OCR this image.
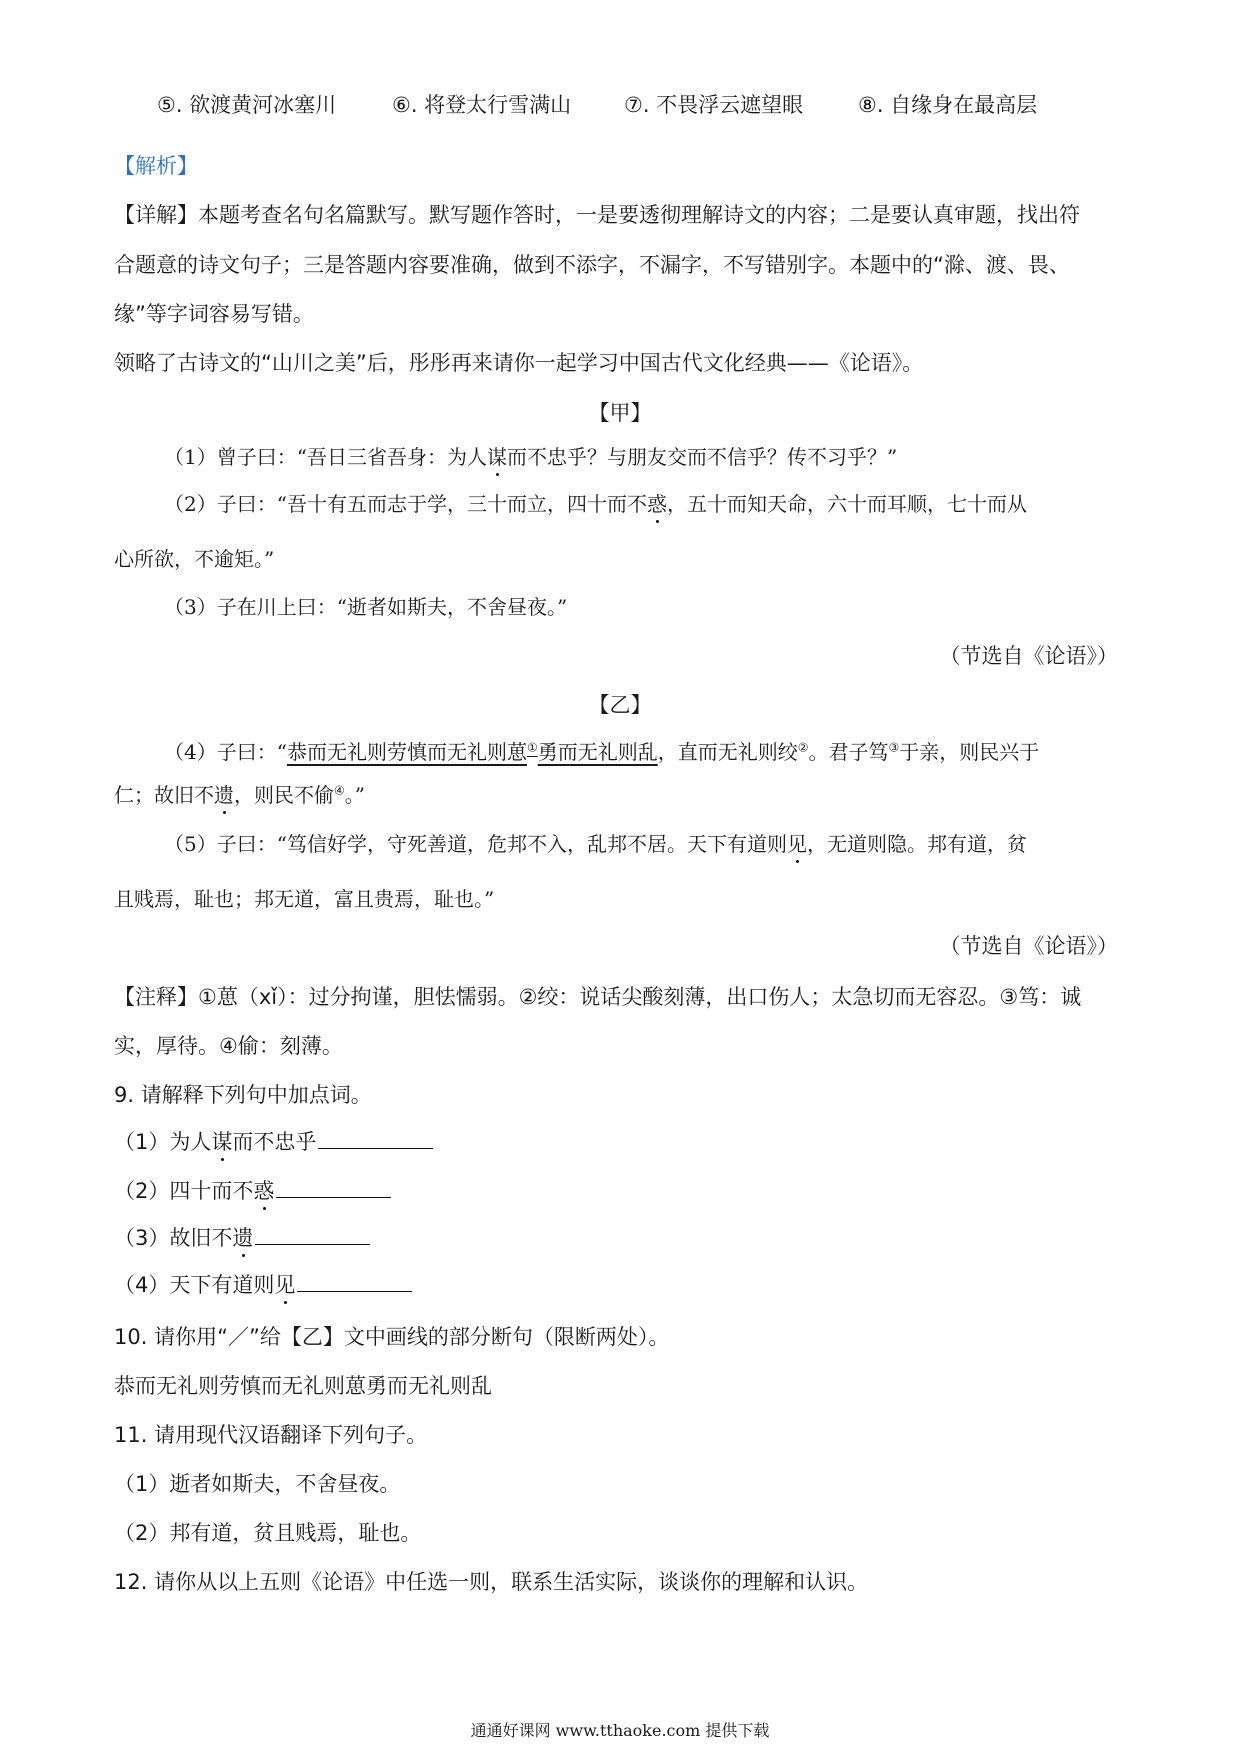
⑤. 欲渡黄河冰塞川	⑥. 将登太行雪满山	⑦. 不畏浮云遮望眼	⑧. 自缘身在最高层
【解析】
【详解】本题考查名句名篇默写。默写题作答时，一是要透彻理解诗文的内容；二是要认真审题，找出符
合题意的诗文句子；三是答题内容要准确，做到不添字，不漏字，不写错别字。本题中的“滁、渡、畏、
缘”等字词容易写错。
领略了古诗文的“山川之美”后，彤彤再来请你一起学习中国古代文化经典——《论语》。
【甲】
（1）曾子曰：“吾日三省吾身：为人谋而不忠乎？与朋友交而不信乎？传不习乎？”
（2）子曰：“吾十有五而志于学，三十而立，四十而不惑，五十而知天命，六十而耳顺，七十而从
心所欲，不逾矩。”
（3）子在川上曰：“逝者如斯夫，不舍昼夜。”
（节选自《论语》）
【乙】
（4）子曰：“恭而无礼则劳慎而无礼则葸①勇而无礼则乱，直而无礼则绞②。君子笃③于亲，则民兴于
仁；故旧不遗，则民不偷④。”
（5）子曰：“笃信好学，守死善道，危邦不入，乱邦不居。天下有道则见，无道则隐。邦有道，贫
且贱焉，耻也；邦无道，富且贵焉，耻也。”
（节选自《论语》）
【注释】①葸（xǐ）：过分拘谨，胆怯懦弱。②绞：说话尖酸刻薄，出口伤人；太急切而无容忍。③笃：诚
实，厚待。④偷：刻薄。
9. 请解释下列句中加点词。
（1）为人谋而不忠乎
（2）四十而不惑
（3）故旧不遗
（4）天下有道则见
10. 请你用“／”给【乙】文中画线的部分断句（限断两处）。
恭而无礼则劳慎而无礼则葸勇而无礼则乱
11. 请用现代汉语翻译下列句子。
（1）逝者如斯夫，不舍昼夜。
（2）邦有道，贫且贱焉，耻也。
12. 请你从以上五则《论语》中任选一则，联系生活实际，谈谈你的理解和认识。
通通好课网 www.tthaoke.com 提供下载
